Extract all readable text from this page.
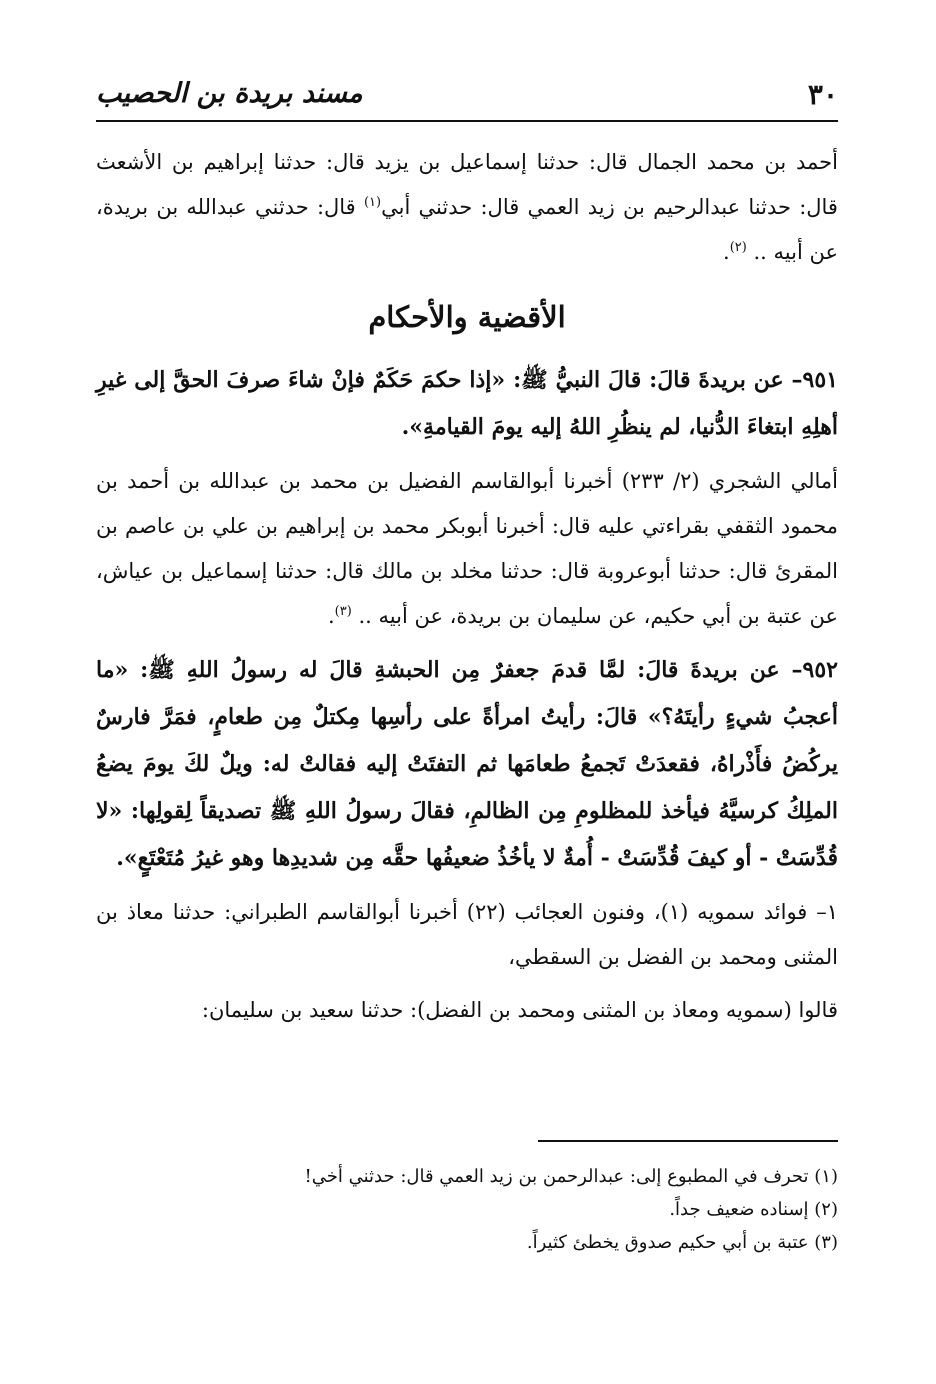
٣٠
مسند بريدة بن الحصيب

أحمد بن محمد الجمال قال: حدثنا إسماعيل بن يزيد قال: حدثنا إبراهيم بن الأشعث قال: حدثنا عبدالرحيم بن زيد العمي قال: حدثني أبي$^{(١)}$ قال: حدثني عبدالله بن بريدة، عن أبيه .. $^{(٢)}$.

الأقضية والأحكام

٩٥١– عن بريدةَ قالَ: قالَ النبيُّ ﷺ: «إذا حكمَ حَكَمٌ فإنْ شاءَ صرفَ الحقَّ إلى غيرِ أهلِهِ ابتغاءَ الدُّنيا، لم ينظُرِ اللهُ إليه يومَ القيامةِ».

أمالي الشجري (٢/ ٢٣٣) أخبرنا أبوالقاسم الفضيل بن محمد بن عبدالله بن أحمد بن محمود الثقفي بقراءتي عليه قال: أخبرنا أبوبكر محمد بن إبراهيم بن علي بن عاصم بن المقرئ قال: حدثنا أبوعروبة قال: حدثنا مخلد بن مالك قال: حدثنا إسماعيل بن عياش، عن عتبة بن أبي حكيم، عن سليمان بن بريدة، عن أبيه .. $^{(٣)}$.

٩٥٢– عن بريدةَ قالَ: لمَّا قدمَ جعفرٌ مِن الحبشةِ قالَ له رسولُ اللهِ ﷺ: «ما أعجبُ شيءٍ رأيتَهُ؟» قالَ: رأيتُ امرأةً على رأسِها مِكتلٌ مِن طعامٍ، فمَرَّ فارسٌ يركُضُ فأَذْراهُ، فقعدَتْ تَجمعُ طعامَها ثم التفتَتْ إليه فقالتْ له: ويلٌ لكَ يومَ يضعُ الملِكُ كرسيَّهُ فيأخذ للمظلومِ مِن الظالمِ، فقالَ رسولُ اللهِ ﷺ تصديقاً لِقولِها: «لا قُدِّسَتْ - أو كيفَ قُدِّسَتْ - أُمةٌ لا يأخُذُ ضعيفُها حقَّه مِن شديدِها وهو غيرُ مُتَعْتَعٍ».

١– فوائد سمويه (١)، وفنون العجائب (٢٢) أخبرنا أبوالقاسم الطبراني: حدثنا معاذ بن المثنى ومحمد بن الفضل بن السقطي،

قالوا (سمويه ومعاذ بن المثنى ومحمد بن الفضل): حدثنا سعيد بن سليمان:

(١) تحرف في المطبوع إلى: عبدالرحمن بن زيد العمي قال: حدثني أخي!
(٢) إسناده ضعيف جداً.
(٣) عتبة بن أبي حكيم صدوق يخطئ كثيراً.
